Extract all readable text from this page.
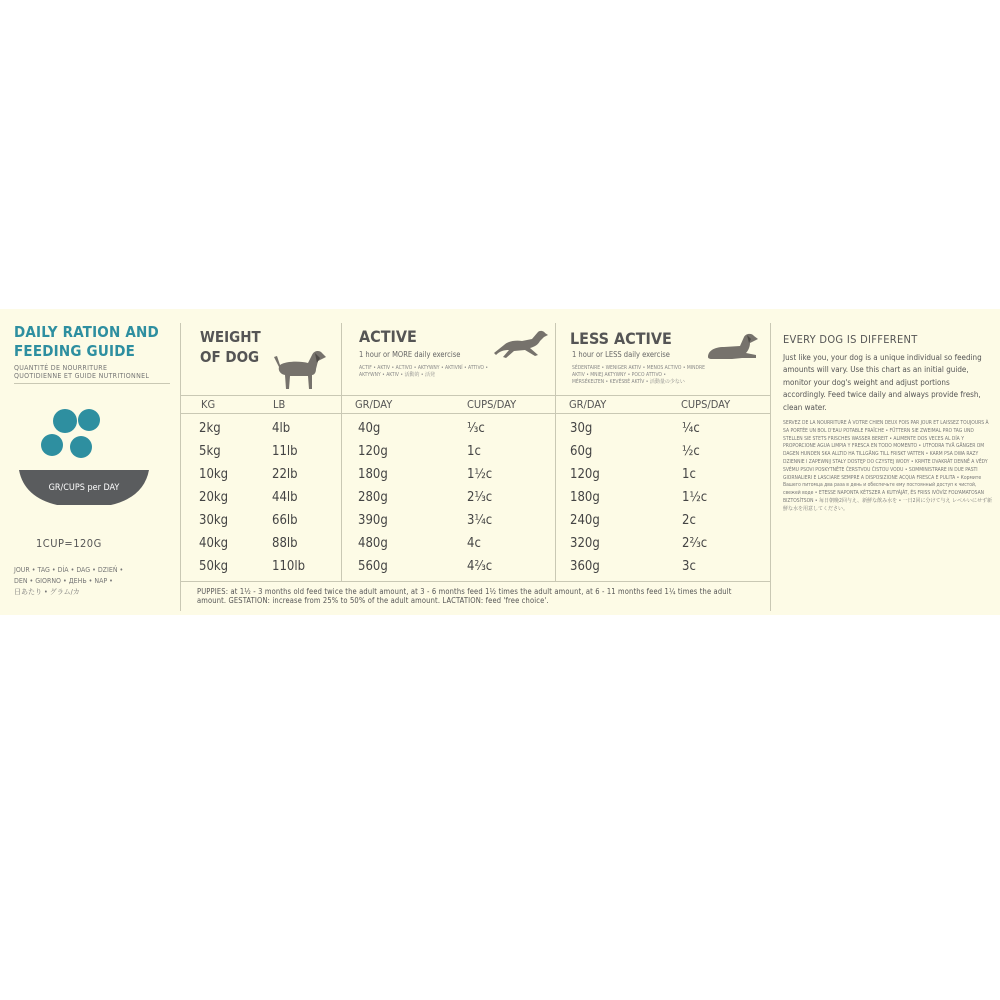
DAILY RATION AND
FEEDING GUIDE
QUANTITÉ DE NOURRITURE
QUOTIDIENNE ET GUIDE NUTRITIONNEL
GR/CUPS per DAY
1CUP=120G
JOUR • TAG • DÍA • DAG • DZIEŃ •
DEN • GIORNO • ДЕНЬ • NAP •
日あたり • グラム/カ
WEIGHT
OF DOG
ACTIVE
1 hour or MORE daily exercise
ACTIF • AKTIV • ACTIVO • AKTYWNY • AKTIVNÍ • ATTIVO •
AKTYWNY • AKTIV • 活動的 • 活発
LESS ACTIVE
1 hour or LESS daily exercise
SÉDENTAIRE • WENIGER AKTIV • MENOS ACTIVO • MINDRE
AKTIV • MNIEJ AKTYWNY • POCO ATTIVO •
MÉRSÉKELTEN • KEVÉSBÉ AKTÍV • 活動量の少ない
KG	LB	GR/DAY	CUPS/DAY	GR/DAY	CUPS/DAY
2kg	4lb	40g	⅓c	30g	¼c
5kg	11lb	120g	1c	60g	½c
10kg	22lb	180g	1½c	120g	1c
20kg	44lb	280g	2⅓c	180g	1½c
30kg	66lb	390g	3¼c	240g	2c
40kg	88lb	480g	4c	320g	2⅔c
50kg	110lb	560g	4⅔c	360g	3c
PUPPIES: at 1½ - 3 months old feed twice the adult amount, at 3 - 6 months feed 1½ times the adult amount, at 6 - 11 months feed 1¼ times the adult amount. GESTATION: increase from 25% to 50% of the adult amount. LACTATION: feed 'free choice'.
EVERY DOG IS DIFFERENT
Just like you, your dog is a unique individual so feeding amounts will vary. Use this chart as an initial guide, monitor your dog's weight and adjust portions accordingly. Feed twice daily and always provide fresh, clean water.
SERVEZ DE LA NOURRITURE À VOTRE CHIEN DEUX FOIS PAR JOUR ET LAISSEZ TOUJOURS À SA PORTÉE UN BOL D'EAU POTABLE FRAÎCHE • FÜTTERN SIE ZWEIMAL PRO TAG UND STELLEN SIE STETS FRISCHES WASSER BEREIT • ALIMENTE DOS VECES AL DÍA Y PROPORCIONE AGUA LIMPIA Y FRESCA EN TODO MOMENTO • UTFODRA TVÅ GÅNGER OM DAGEN HUNDEN SKA ALLTID HA TILLGÅNG TILL FRISKT VATTEN • KARM PSA DWA RAZY DZIENNIE I ZAPEWNIJ STAŁY DOSTĘP DO CZYSTEJ WODY • KRMTE DVAKRÁT DENNĚ A VĚDY SVÉMU PSOVI POSKYTNĚTE ČERSTVOU ČISTOU VODU • SOMMINISTRARE IN DUE PASTI GIORNALIERI E LASCIARE SEMPRE A DISPOSIZIONE ACQUA FRESCA E PULITA • Кормите Вашего питомца два раза в день и обеспечьте ему постоянный доступ к чистой, свежей воде • ETESSE NAPONTA KÉTSZER A KUTYÁJÁT, ÉS FRISS IVÓVÍZ FOLYAMATOSAN BIZTOSÍTSON • 毎日朝晩2回与え、新鮮な飲み水を • 一日2回に分けて与え レベルいにせず新鮮な水を用意してください。
